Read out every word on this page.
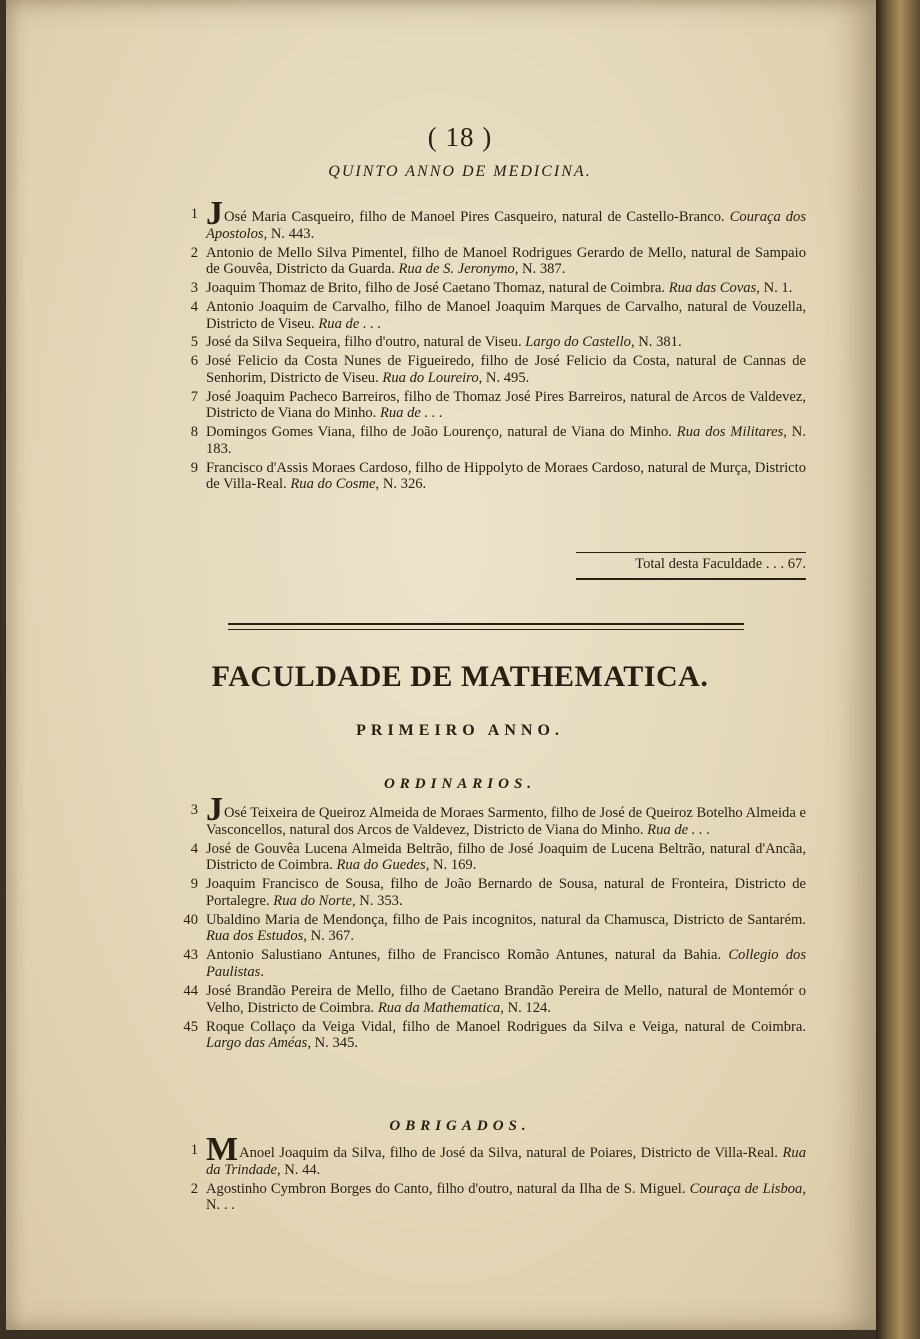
( 18 )
QUINTO ANNO DE MEDICINA.
1 JOsé Maria Casqueiro, filho de Manoel Pires Casqueiro, natural de Castello-Branco. Couraça dos Apostolos, N. 443.
2 Antonio de Mello Silva Pimentel, filho de Manoel Rodrigues Gerardo de Mello, natural de Sampaio de Gouvêa, Districto da Guarda. Rua de S. Jeronymo, N. 387.
3 Joaquim Thomaz de Brito, filho de José Caetano Thomaz, natural de Coimbra. Rua das Covas, N. 1.
4 Antonio Joaquim de Carvalho, filho de Manoel Joaquim Marques de Carvalho, natural de Vouzella, Districto de Viseu. Rua de . . .
5 José da Silva Sequeira, filho d'outro, natural de Viseu. Largo do Castello, N. 381.
6 José Felicio da Costa Nunes de Figueiredo, filho de José Felicio da Costa, natural de Cannas de Senhorim, Districto de Viseu. Rua do Loureiro, N. 495.
7 José Joaquim Pacheco Barreiros, filho de Thomaz José Pires Barreiros, natural de Arcos de Valdevez, Districto de Viana do Minho. Rua de . . .
8 Domingos Gomes Viana, filho de João Lourenço, natural de Viana do Minho. Rua dos Militares, N. 183.
9 Francisco d'Assis Moraes Cardoso, filho de Hippolyto de Moraes Cardoso, natural de Murça, Districto de Villa-Real. Rua do Cosme, N. 326.
Total desta Faculdade . . . 67.
FACULDADE DE MATHEMATICA.
PRIMEIRO ANNO.
ORDINARIOS.
3 JOsé Teixeira de Queiroz Almeida de Moraes Sarmento, filho de José de Queiroz Botelho Almeida e Vasconcellos, natural dos Arcos de Valdevez, Districto de Viana do Minho. Rua de . . .
4 José de Gouvêa Lucena Almeida Beltrão, filho de José Joaquim de Lucena Beltrão, natural d'Ancãa, Districto de Coimbra. Rua do Guedes, N. 169.
9 Joaquim Francisco de Sousa, filho de João Bernardo de Sousa, natural de Fronteira, Districto de Portalegre. Rua do Norte, N. 353.
40 Ubaldino Maria de Mendonça, filho de Pais incognitos, natural da Chamusca, Districto de Santarém. Rua dos Estudos, N. 367.
43 Antonio Salustiano Antunes, filho de Francisco Romão Antunes, natural da Bahia. Collegio dos Paulistas.
44 José Brandão Pereira de Mello, filho de Caetano Brandão Pereira de Mello, natural de Montemór o Velho, Districto de Coimbra. Rua da Mathematica, N. 124.
45 Roque Collaço da Veiga Vidal, filho de Manoel Rodrigues da Silva e Veiga, natural de Coimbra. Largo das Améas, N. 345.
OBRIGADOS.
1 MAnoel Joaquim da Silva, filho de José da Silva, natural de Poiares, Districto de Villa-Real. Rua da Trindade, N. 44.
2 Agostinho Cymbron Borges do Canto, filho d'outro, natural da Ilha de S. Miguel. Couraça de Lisboa, N. . .
